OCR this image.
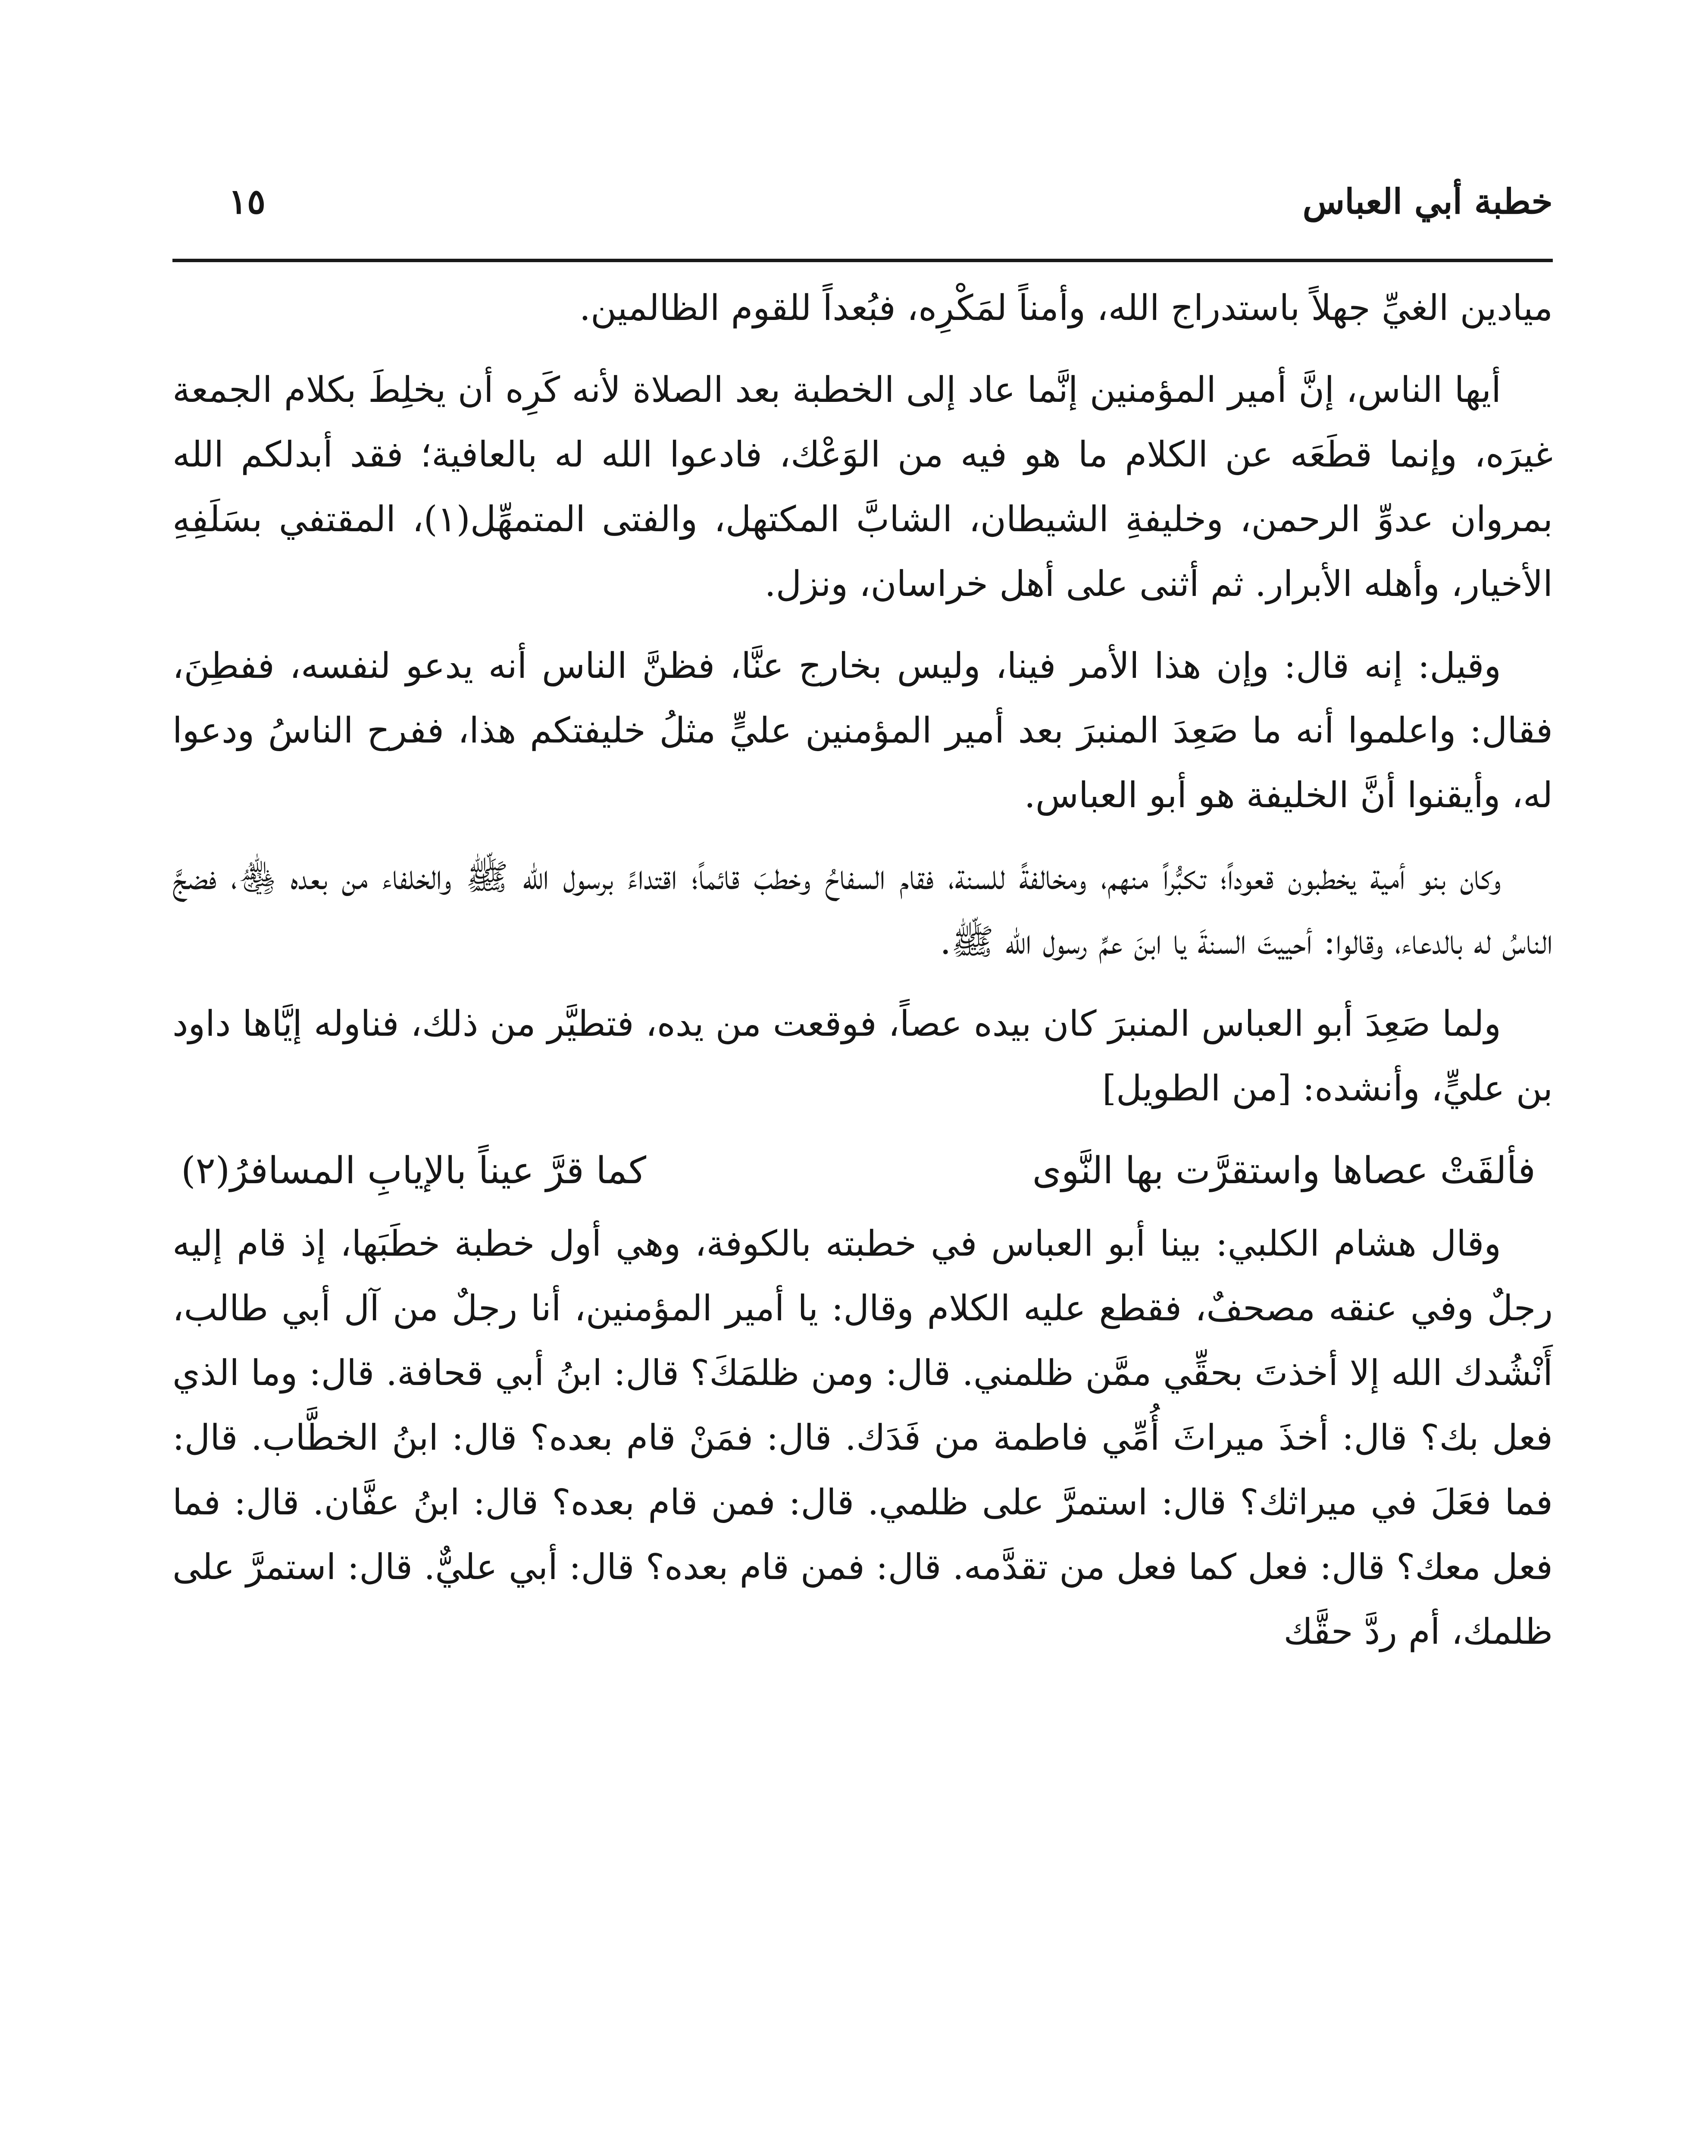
خطبة أبي العباس
١٥

ميادين الغيِّ جهلاً باستدراج الله، وأمناً لمَكْرِه، فبُعداً للقوم الظالمين.

أيها الناس، إنَّ أمير المؤمنين إنَّما عاد إلى الخطبة بعد الصلاة لأنه كَرِه أن يخلِطَ بكلام الجمعة غيرَه، وإنما قطَعَه عن الكلام ما هو فيه من الوَعْك، فادعوا الله له بالعافية؛ فقد أبدلكم الله بمروان عدوِّ الرحمن، وخليفةِ الشيطان، الشابَّ المكتهل، والفتى المتمهِّل(١)، المقتفي بسَلَفِهِ الأخيار، وأهله الأبرار. ثم أثنى على أهل خراسان، ونزل.

وقيل: إنه قال: وإن هذا الأمر فينا، وليس بخارج عنَّا، فظنَّ الناس أنه يدعو لنفسه، ففطِنَ، فقال: واعلموا أنه ما صَعِدَ المنبرَ بعد أمير المؤمنين عليٍّ مثلُ خليفتكم هذا، ففرح الناسُ ودعوا له، وأيقنوا أنَّ الخليفة هو أبو العباس.

وكان بنو أمية يخطبون قعوداً؛ تكبُّراً منهم، ومخالفةً للسنة، فقام السفاحُ وخطبَ قائماً؛ اقتداءً برسول الله ﷺ والخلفاء من بعده ﵃، فضجَّ الناسُ له بالدعاء، وقالوا: أحييتَ السنةَ يا ابنَ عمِّ رسول الله ﷺ.

ولما صَعِدَ أبو العباس المنبرَ كان بيده عصاً، فوقعت من يده، فتطيَّر من ذلك، فناوله إيَّاها داود بن عليٍّ، وأنشده: [من الطويل]

فألقَتْ عصاها واستقرَّت بها النَّوى
كما قرَّ عيناً بالإيابِ المسافرُ(٢)

وقال هشام الكلبي: بينا أبو العباس في خطبته بالكوفة، وهي أول خطبة خطَبَها، إذ قام إليه رجلٌ وفي عنقه مصحفٌ، فقطع عليه الكلام وقال: يا أمير المؤمنين، أنا رجلٌ من آل أبي طالب، أَنْشُدك الله إلا أخذتَ بحقِّي ممَّن ظلمني. قال: ومن ظلمَكَ؟ قال: ابنُ أبي قحافة. قال: وما الذي فعل بك؟ قال: أخذَ ميراثَ أُمِّي فاطمة من فَدَك. قال: فمَنْ قام بعده؟ قال: ابنُ الخطَّاب. قال: فما فعَلَ في ميراثك؟ قال: استمرَّ على ظلمي. قال: فمن قام بعده؟ قال: ابنُ عفَّان. قال: فما فعل معك؟ قال: فعل كما فعل من تقدَّمه. قال: فمن قام بعده؟ قال: أبي عليٌّ. قال: استمرَّ على ظلمك، أم ردَّ حقَّك
